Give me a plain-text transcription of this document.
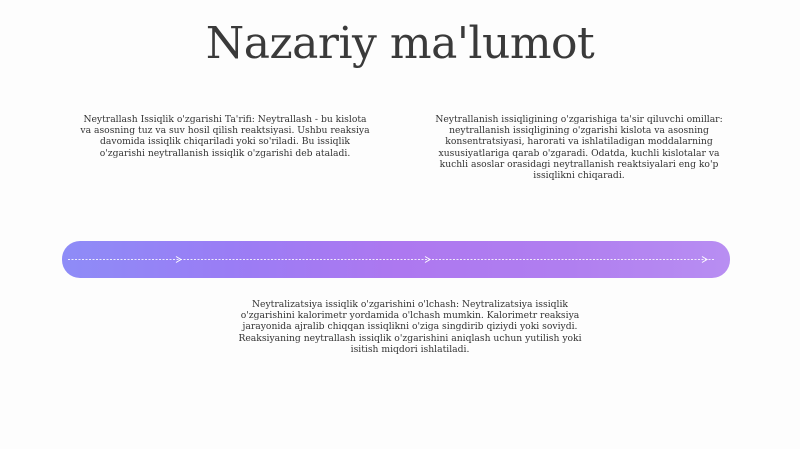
Nazariy ma'lumot
Neytrallash Issiqlik o'zgarishi Ta'rifi: Neytrallash - bu kislota va asosning tuz va suv hosil qilish reaktsiyasi. Ushbu reaksiya davomida issiqlik chiqariladi yoki so'riladi. Bu issiqlik o'zgarishi neytrallanish issiqlik o'zgarishi deb ataladi.
Neytrallanish issiqligining o'zgarishiga ta'sir qiluvchi omillar: neytrallanish issiqligining o'zgarishi kislota va asosning konsentratsiyasi, harorati va ishlatiladigan moddalarning xususiyatlariga qarab o'zgaradi. Odatda, kuchli kislotalar va kuchli asoslar orasidagi neytrallanish reaktsiyalari eng ko'p issiqlikni chiqaradi.
Neytralizatsiya issiqlik o'zgarishini o'lchash: Neytralizatsiya issiqlik o'zgarishini kalorimetr yordamida o'lchash mumkin. Kalorimetr reaksiya jarayonida ajralib chiqqan issiqlikni o'ziga singdirib qiziydi yoki soviydi. Reaksiyaning neytrallash issiqlik o'zgarishini aniqlash uchun yutilish yoki isitish miqdori ishlatiladi.
